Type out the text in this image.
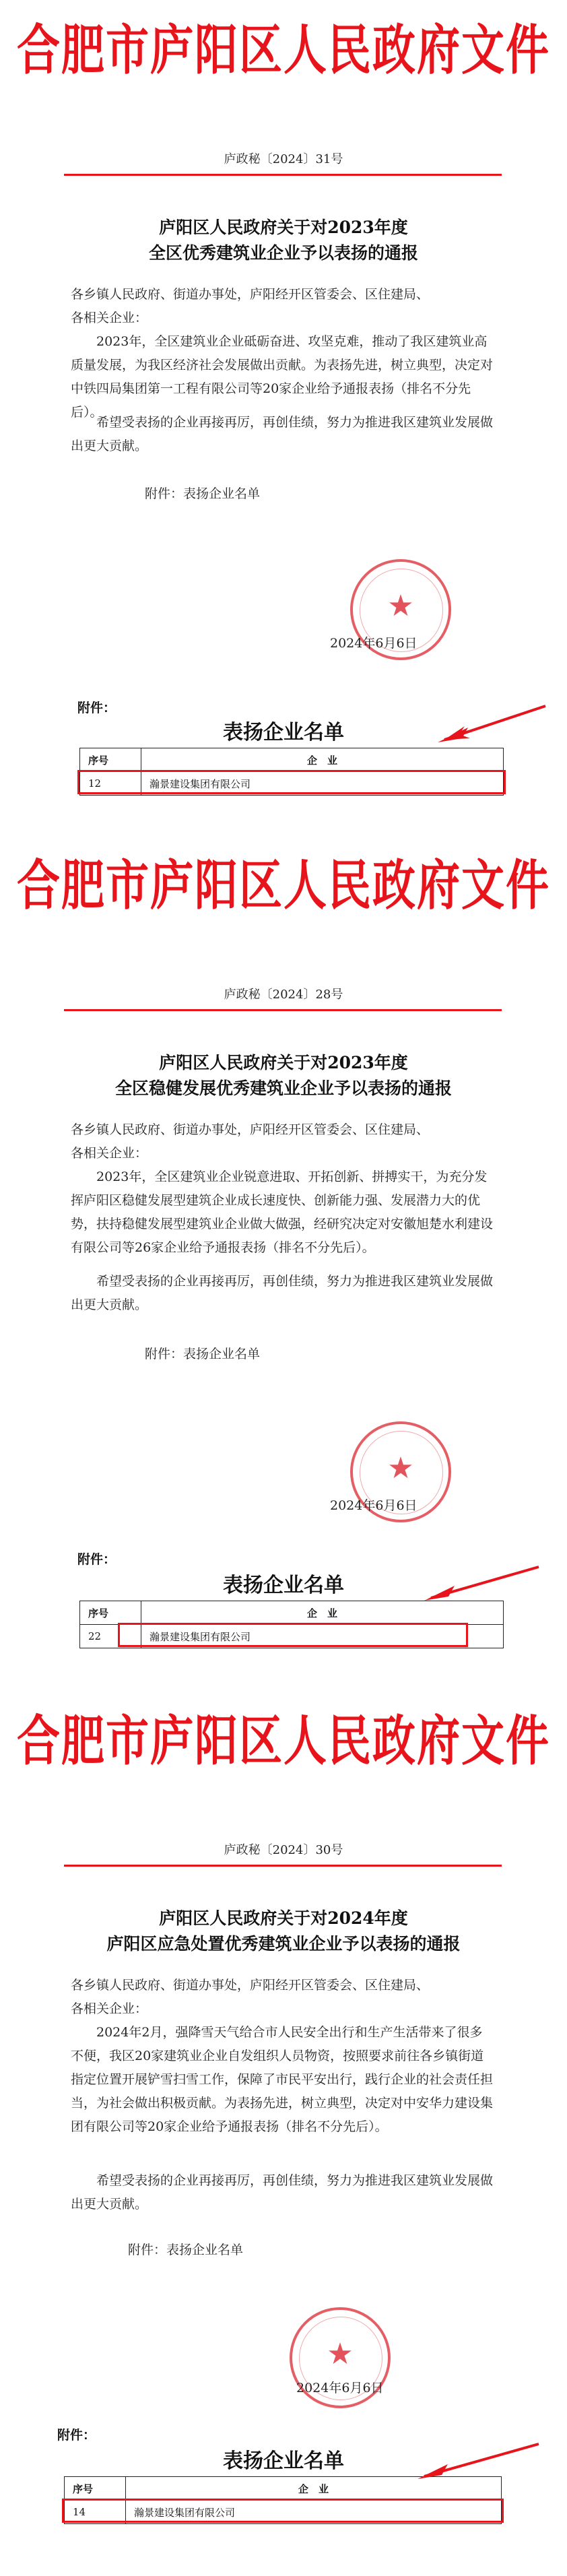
合肥市庐阳区人民政府文件
庐政秘〔2024〕31号
庐阳区人民政府关于对2023年度
全区优秀建筑业企业予以表扬的通报

各乡镇人民政府、街道办事处，庐阳经开区管委会、区住建局、

各相关企业：

2023年，全区建筑业企业砥砺奋进、攻坚克难，推动了我区建筑业高质量发展，为我区经济社会发展做出贡献。为表扬先进，树立典型，决定对中铁四局集团第一工程有限公司等20家企业给予通报表扬（排名不分先后）。

希望受表扬的企业再接再厉，再创佳绩，努力为推进我区建筑业发展做出更大贡献。

附件：表扬企业名单
★
2024年6月6日
附件：
表扬企业名单
序号	企　业
12	瀚景建设集团有限公司
合肥市庐阳区人民政府文件
庐政秘〔2024〕28号
庐阳区人民政府关于对2023年度
全区稳健发展优秀建筑业企业予以表扬的通报

各乡镇人民政府、街道办事处，庐阳经开区管委会、区住建局、

各相关企业：

2023年，全区建筑业企业锐意进取、开拓创新、拼搏实干，为充分发挥庐阳区稳健发展型建筑企业成长速度快、创新能力强、发展潜力大的优势，扶持稳健发展型建筑业企业做大做强，经研究决定对安徽旭楚水利建设有限公司等26家企业给予通报表扬（排名不分先后）。

希望受表扬的企业再接再厉，再创佳绩，努力为推进我区建筑业发展做出更大贡献。

附件：表扬企业名单
★
2024年6月6日
附件：
表扬企业名单
序号	企　业
22	瀚景建设集团有限公司
合肥市庐阳区人民政府文件
庐政秘〔2024〕30号
庐阳区人民政府关于对2024年度
庐阳区应急处置优秀建筑业企业予以表扬的通报

各乡镇人民政府、街道办事处，庐阳经开区管委会、区住建局、

各相关企业：

2024年2月，强降雪天气给合市人民安全出行和生产生活带来了很多不便，我区20家建筑业企业自发组织人员物资，按照要求前往各乡镇街道指定位置开展铲雪扫雪工作，保障了市民平安出行，践行企业的社会责任担当，为社会做出积极贡献。为表扬先进，树立典型，决定对中安华力建设集团有限公司等20家企业给予通报表扬（排名不分先后）。

希望受表扬的企业再接再厉，再创佳绩，努力为推进我区建筑业发展做出更大贡献。

附件：表扬企业名单
★
2024年6月6日
附件：
表扬企业名单
序号	企　业
14	瀚景建设集团有限公司
